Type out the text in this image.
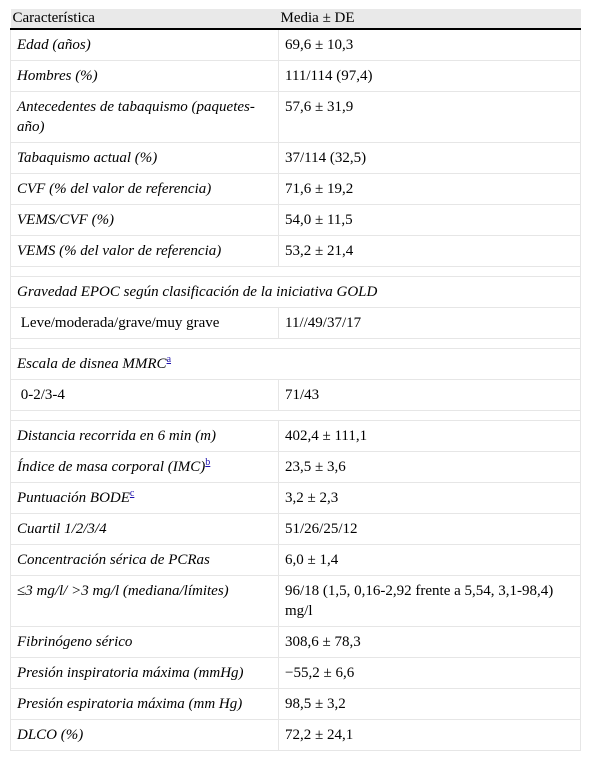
Característica	Media ± DE
Edad (años)	69,6 ± 10,3
Hombres (%)	111/114 (97,4)
Antecedentes de tabaquismo (paquetes-año)	57,6 ± 31,9
Tabaquismo actual (%)	37/114 (32,5)
CVF (% del valor de referencia)	71,6 ± 19,2
VEMS/CVF (%)	54,0 ± 11,5
VEMS (% del valor de referencia)	53,2 ± 21,4

Gravedad EPOC según clasificación de la iniciativa GOLD	
Leve/moderada/grave/muy grave	11//49/37/17

Escala de disnea MMRC$^a$
0-2/3-4	71/43

Distancia recorrida en 6 min (m)	402,4 ± 111,1
Índice de masa corporal (IMC)$^b$	23,5 ± 3,6
Puntuación BODE$^c$	3,2 ± 2,3
Cuartil 1/2/3/4	51/26/25/12
Concentración sérica de PCRas	6,0 ± 1,4
≤3 mg/l/ >3 mg/l (mediana/límites)	96/18 (1,5, 0,16-2,92 frente a 5,54, 3,1-98,4) mg/l
Fibrinógeno sérico	308,6 ± 78,3
Presión inspiratoria máxima (mmHg)	−55,2 ± 6,6
Presión espiratoria máxima (mm Hg)	98,5 ± 3,2
DLCO (%)	72,2 ± 24,1
